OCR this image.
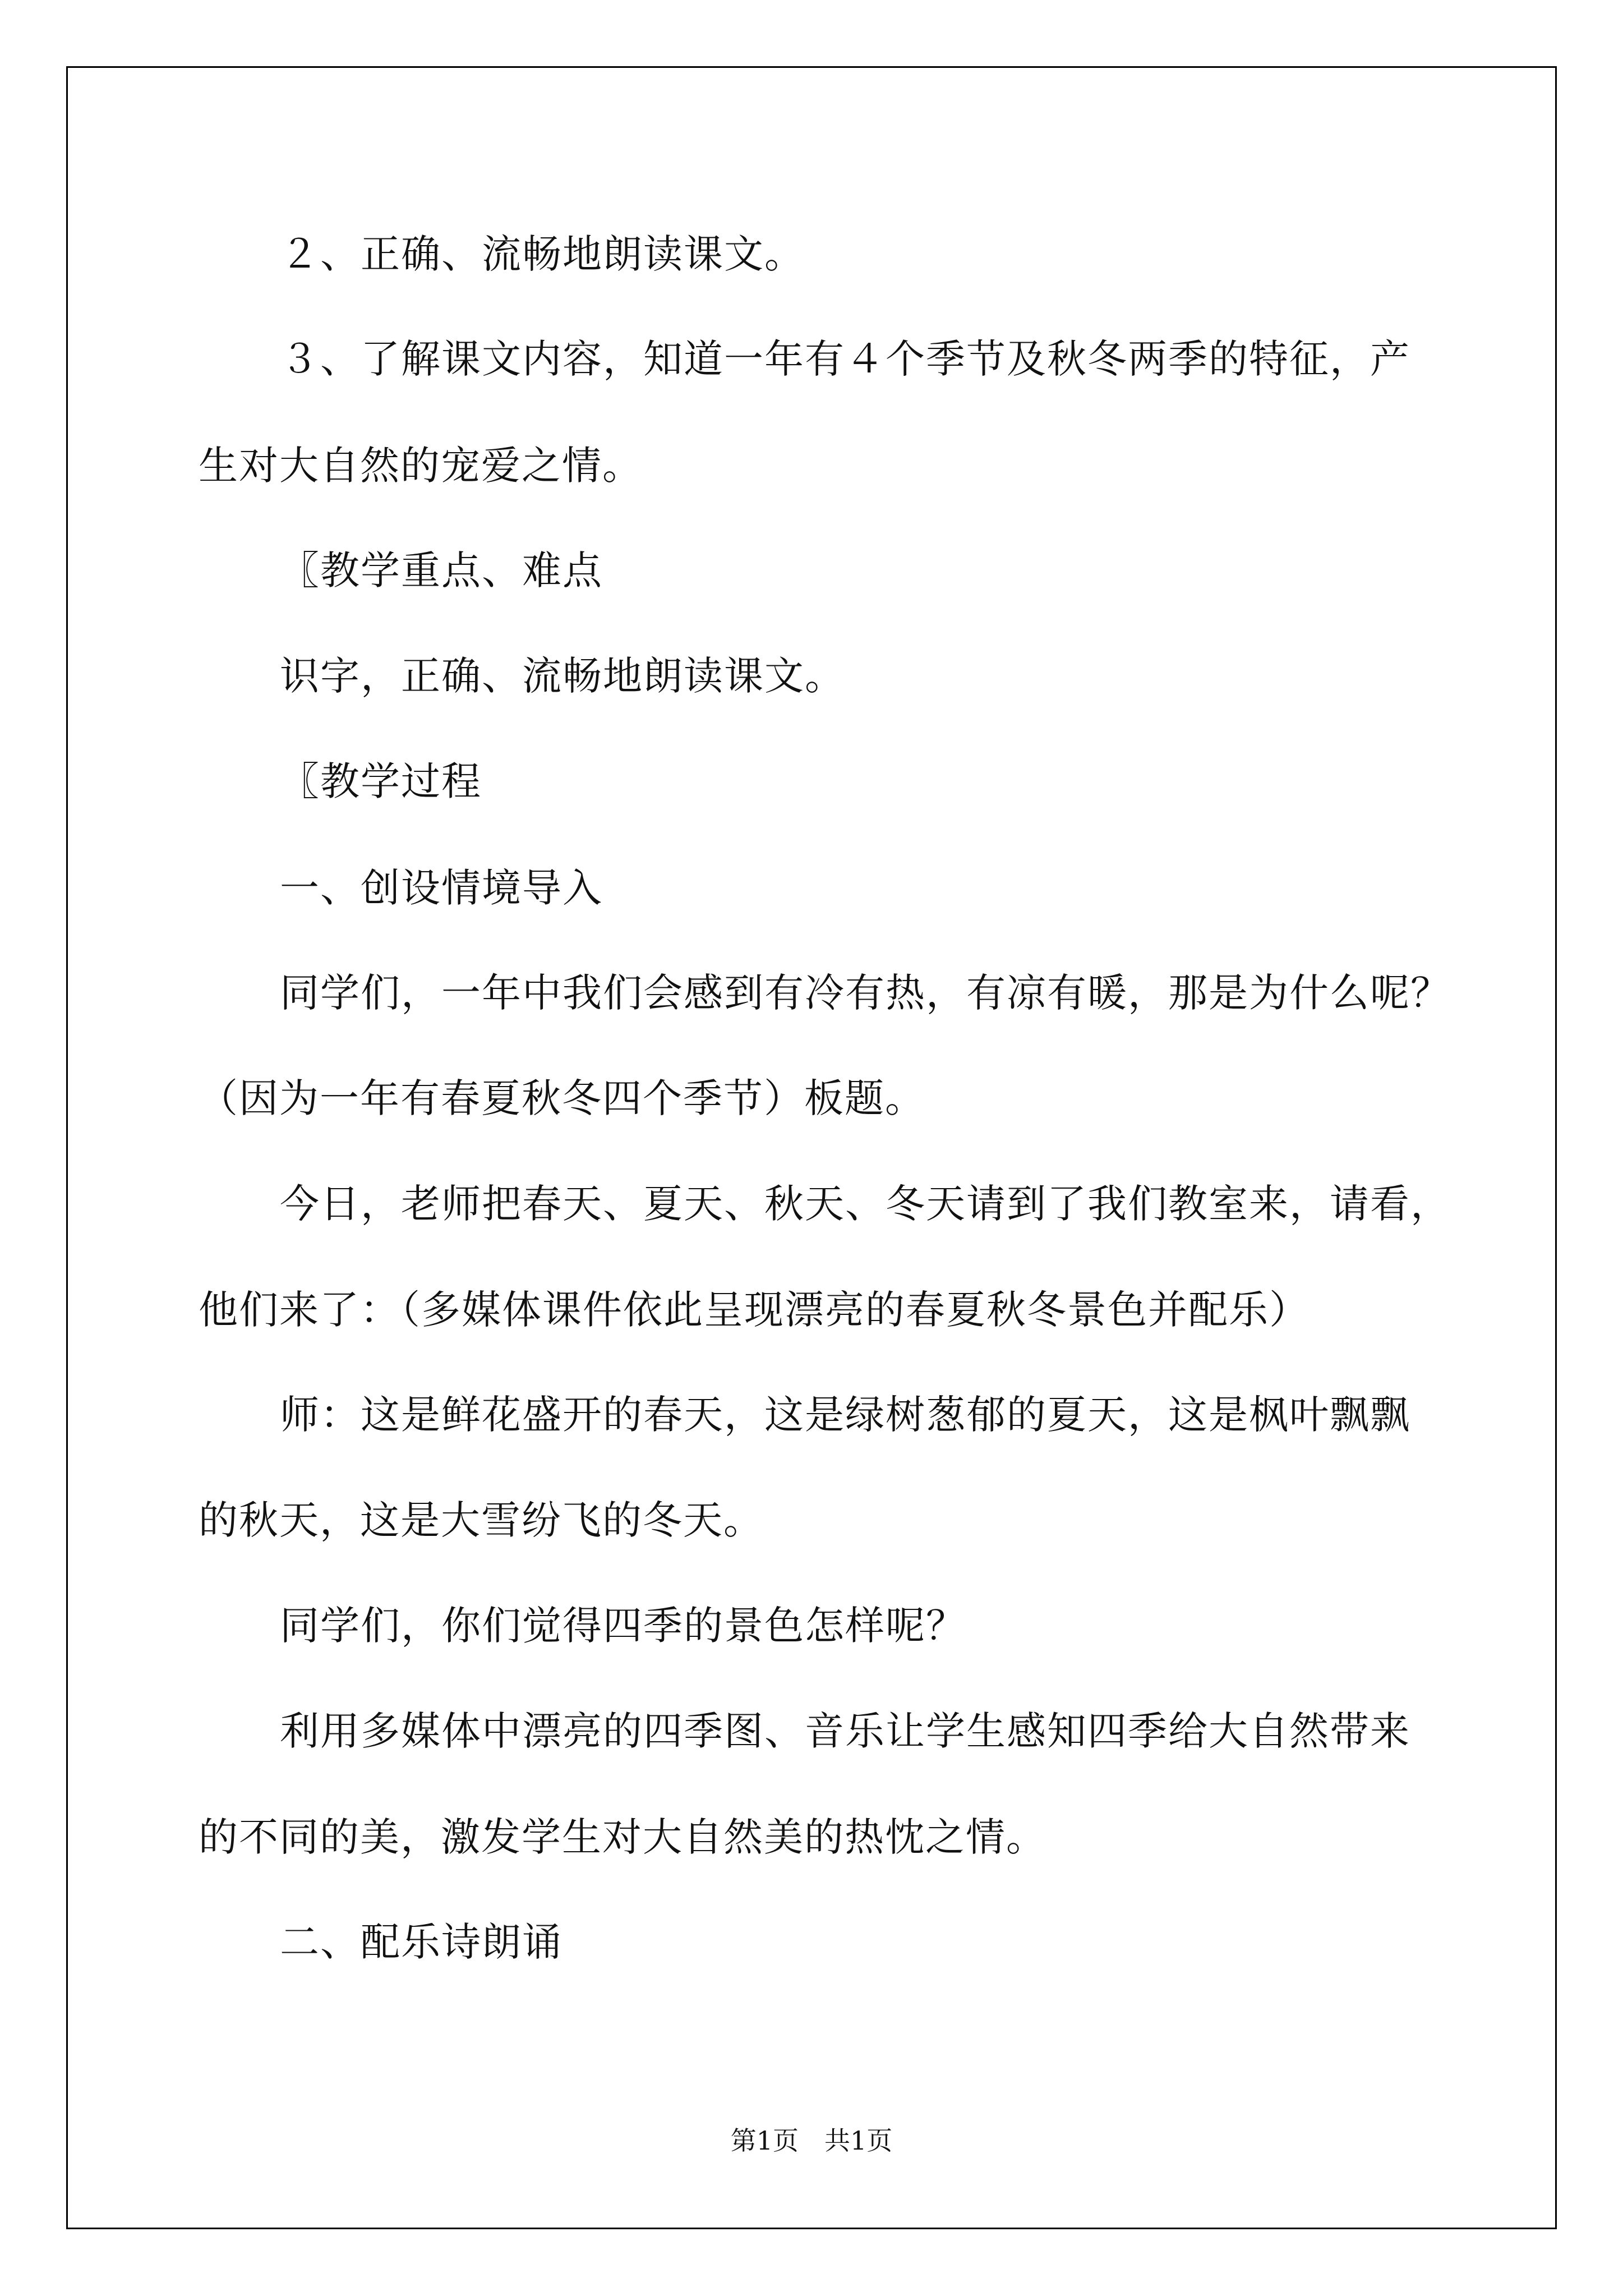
２、正确、流畅地朗读课文。
３、了解课文内容，知道一年有４个季节及秋冬两季的特征，产
生对大自然的宠爱之情。
〖教学重点、难点
识字，正确、流畅地朗读课文。
〖教学过程
一、创设情境导入
同学们，一年中我们会感到有冷有热，有凉有暖，那是为什么呢？
（因为一年有春夏秋冬四个季节）板题。
今日，老师把春天、夏天、秋天、冬天请到了我们教室来，请看，
他们来了：（多媒体课件依此呈现漂亮的春夏秋冬景色并配乐）
师：这是鲜花盛开的春天，这是绿树葱郁的夏天，这是枫叶飘飘
的秋天，这是大雪纷飞的冬天。
同学们，你们觉得四季的景色怎样呢？
利用多媒体中漂亮的四季图、音乐让学生感知四季给大自然带来
的不同的美，激发学生对大自然美的热忱之情。
二、配乐诗朗诵
第1页　共1页
